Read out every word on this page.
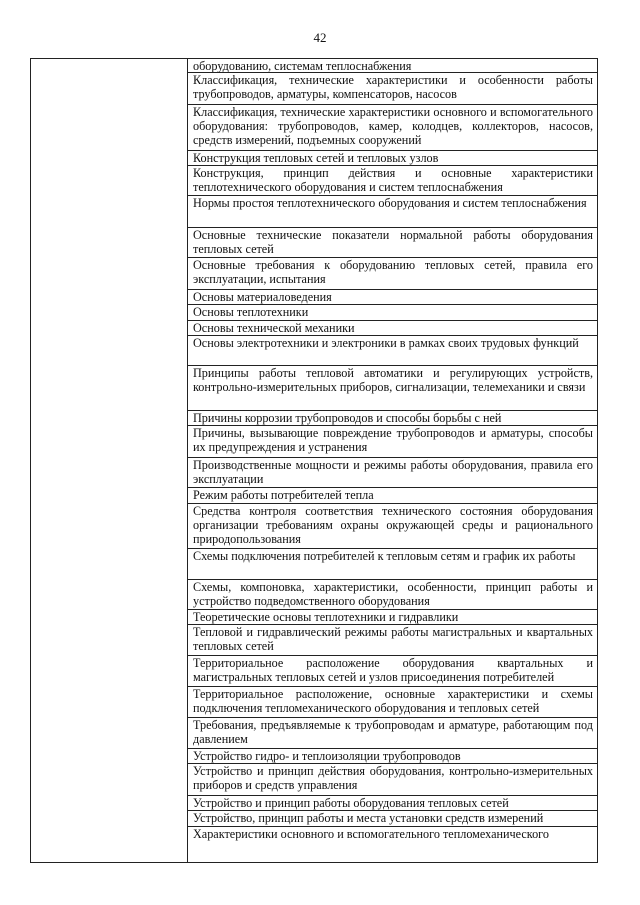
42
оборудованию, системам теплоснабжения
Классификация, технические характеристики и особенности работы трубопроводов, арматуры, компенсаторов, насосов
Классификация, технические характеристики основного и вспомогательного оборудования: трубопроводов, камер, колодцев, коллекторов, насосов, средств измерений, подъемных сооружений
Конструкция тепловых сетей и тепловых узлов
Конструкция, принцип действия и основные характеристики теплотехнического оборудования и систем теплоснабжения
Нормы простоя теплотехнического оборудования и систем теплоснабжения
Основные технические показатели нормальной работы оборудования тепловых сетей
Основные требования к оборудованию тепловых сетей, правила его эксплуатации, испытания
Основы материаловедения
Основы теплотехники
Основы технической механики
Основы электротехники и электроники в рамках своих трудовых функций
Принципы работы тепловой автоматики и регулирующих устройств, контрольно-измерительных приборов, сигнализации, телемеханики и связи
Причины коррозии трубопроводов и способы борьбы с ней
Причины, вызывающие повреждение трубопроводов и арматуры, способы их предупреждения и устранения
Производственные мощности и режимы работы оборудования, правила его эксплуатации
Режим работы потребителей тепла
Средства контроля соответствия технического состояния оборудования организации требованиям охраны окружающей среды и рационального природопользования
Схемы подключения потребителей к тепловым сетям и график их работы
Схемы, компоновка, характеристики, особенности, принцип работы и устройство подведомственного оборудования
Теоретические основы теплотехники и гидравлики
Тепловой и гидравлический режимы работы магистральных и квартальных тепловых сетей
Территориальное расположение оборудования квартальных и магистральных тепловых сетей и узлов присоединения потребителей
Территориальное расположение, основные характеристики и схемы подключения тепломеханического оборудования и тепловых сетей
Требования, предъявляемые к трубопроводам и арматуре, работающим под давлением
Устройство гидро- и теплоизоляции трубопроводов
Устройство и принцип действия оборудования, контрольно-измерительных приборов и средств управления
Устройство и принцип работы оборудования тепловых сетей
Устройство, принцип работы и места установки средств измерений
Характеристики основного и вспомогательного тепломеханического
